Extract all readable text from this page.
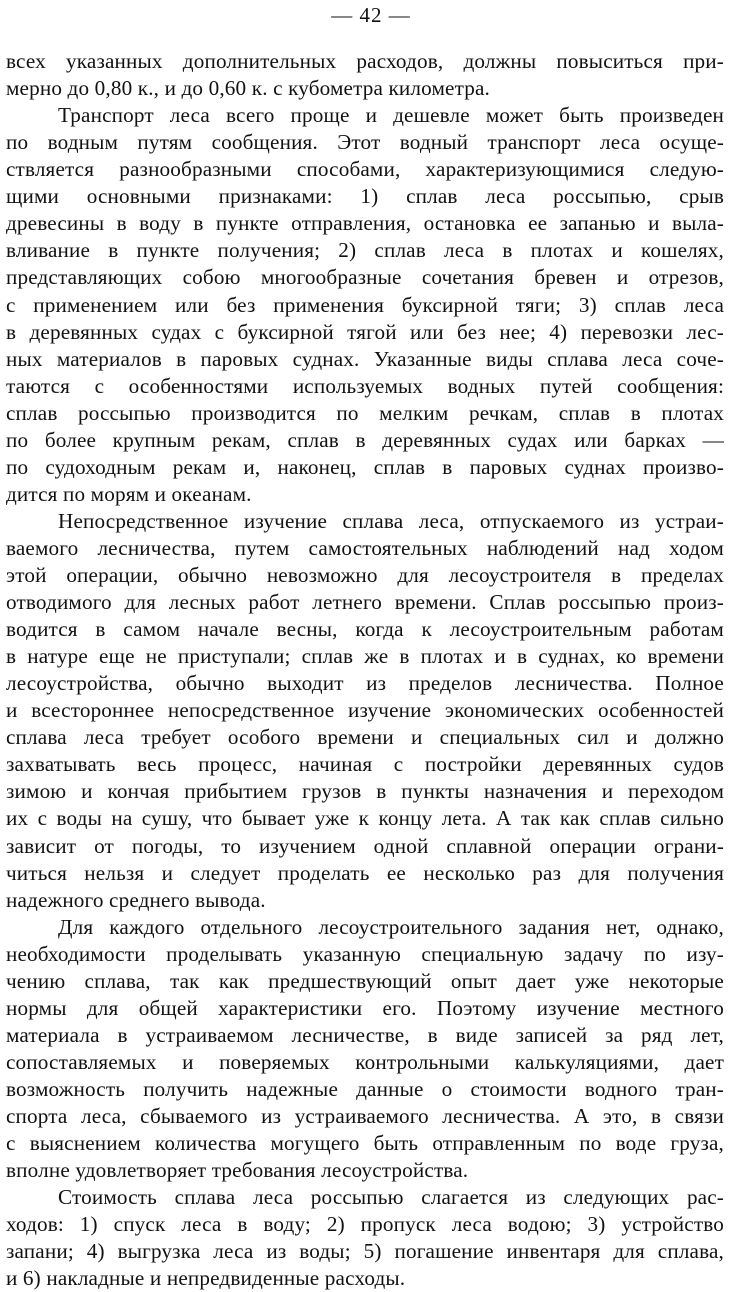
— 42 —
всех указанных дополнительных расходов, должны повыситься при-
мерно до 0,80 к., и до 0,60 к. с кубометра километра.
Транспорт леса всего проще и дешевле может быть произведен
по водным путям сообщения. Этот водный транспорт леса осуще-
ствляется разнообразными способами, характеризующимися следую-
щими основными признаками: 1) сплав леса россыпью, срыв
древесины в воду в пункте отправления, остановка ее запанью и выла-
вливание в пункте получения; 2) сплав леса в плотах и кошелях,
представляющих собою многообразные сочетания бревен и отрезов,
с применением или без применения буксирной тяги; 3) сплав леса
в деревянных судах с буксирной тягой или без нее; 4) перевозки лес-
ных материалов в паровых суднах. Указанные виды сплава леса соче-
таются с особенностями используемых водных путей сообщения:
сплав россыпью производится по мелким речкам, сплав в плотах
по более крупным рекам, сплав в деревянных судах или барках —
по судоходным рекам и, наконец, сплав в паровых суднах произво-
дится по морям и океанам.
Непосредственное изучение сплава леса, отпускаемого из устраи-
ваемого лесничества, путем самостоятельных наблюдений над ходом
этой операции, обычно невозможно для лесоустроителя в пределах
отводимого для лесных работ летнего времени. Сплав россыпью произ-
водится в самом начале весны, когда к лесоустроительным работам
в натуре еще не приступали; сплав же в плотах и в суднах, ко времени
лесоустройства, обычно выходит из пределов лесничества. Полное
и всестороннее непосредственное изучение экономических особенностей
сплава леса требует особого времени и специальных сил и должно
захватывать весь процесс, начиная с постройки деревянных судов
зимою и кончая прибытием грузов в пункты назначения и переходом
их с воды на сушу, что бывает уже к концу лета. А так как сплав сильно
зависит от погоды, то изучением одной сплавной операции ограни-
читься нельзя и следует проделать ее несколько раз для получения
надежного среднего вывода.
Для каждого отдельного лесоустроительного задания нет, однако,
необходимости проделывать указанную специальную задачу по изу-
чению сплава, так как предшествующий опыт дает уже некоторые
нормы для общей характеристики его. Поэтому изучение местного
материала в устраиваемом лесничестве, в виде записей за ряд лет,
сопоставляемых и поверяемых контрольными калькуляциями, дает
возможность получить надежные данные о стоимости водного тран-
спорта леса, сбываемого из устраиваемого лесничества. А это, в связи
с выяснением количества могущего быть отправленным по воде груза,
вполне удовлетворяет требования лесоустройства.
Стоимость сплава леса россыпью слагается из следующих рас-
ходов: 1) спуск леса в воду; 2) пропуск леса водою; 3) устройство
запани; 4) выгрузка леса из воды; 5) погашение инвентаря для сплава,
и 6) накладные и непредвиденные расходы.
